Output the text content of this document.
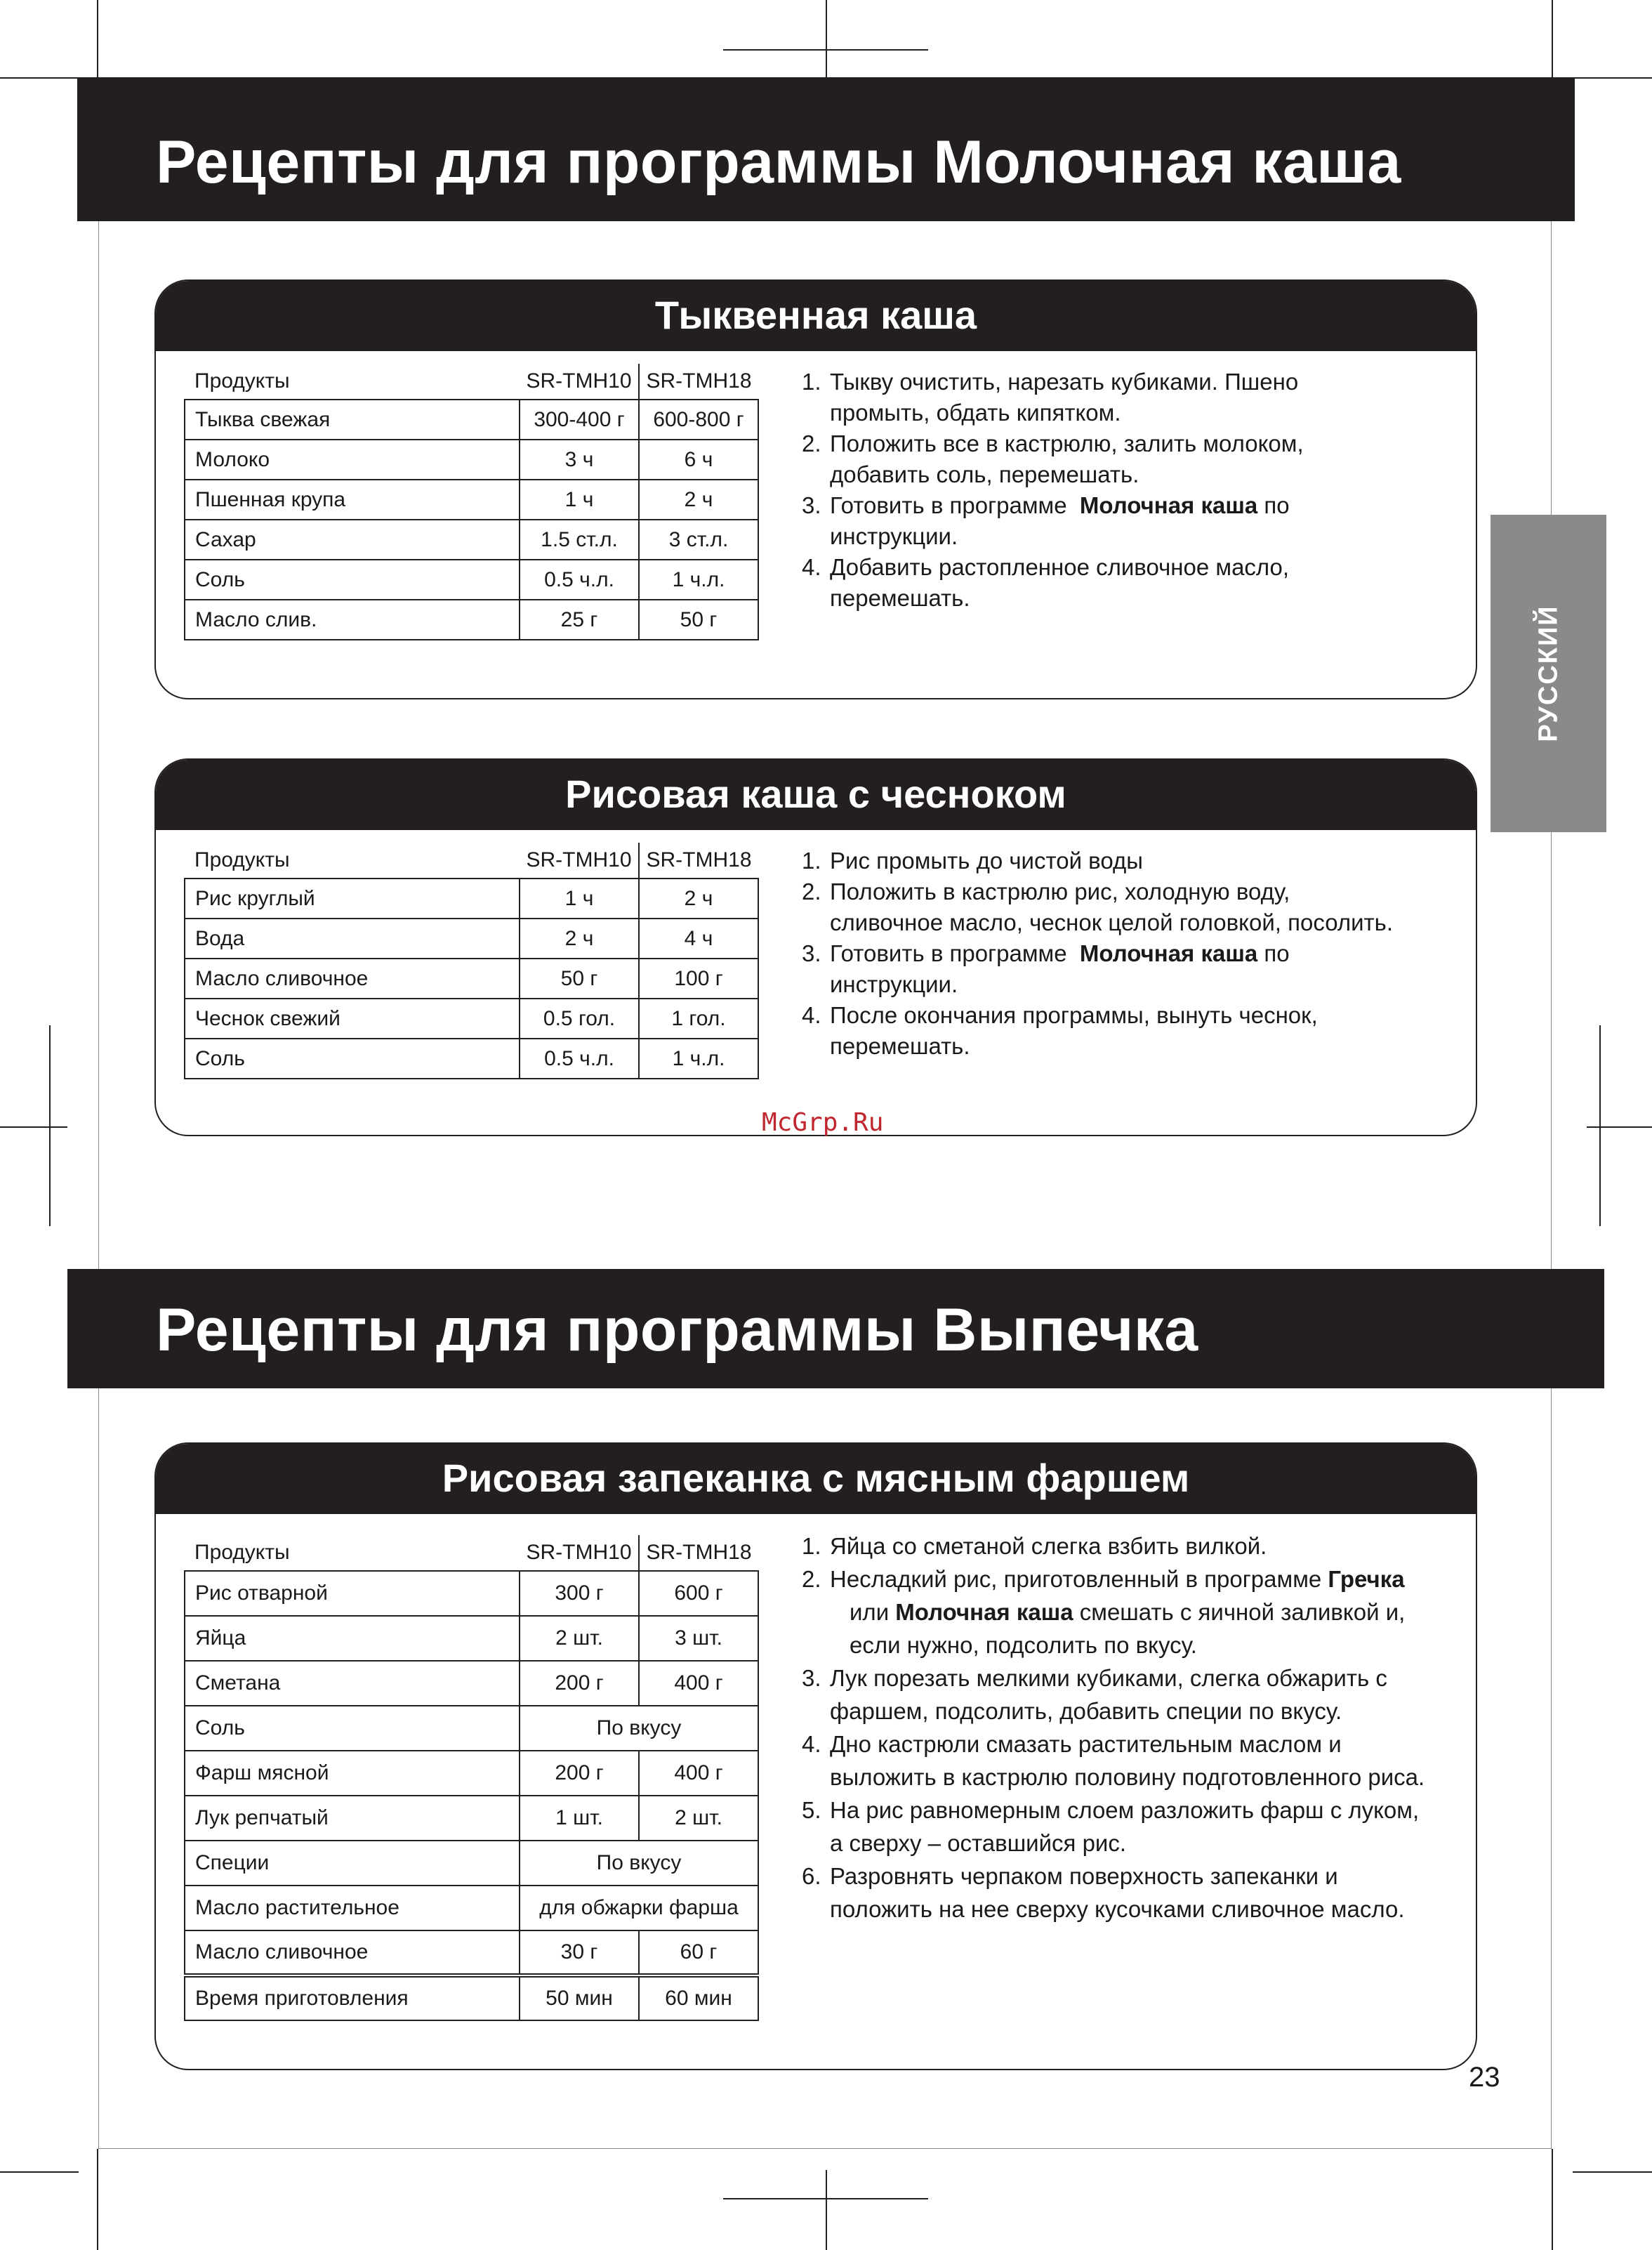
Рецепты для программы Молочная каша
Тыквенная каша
Продукты	SR-TMH10	SR-TMH18
Тыква свежая	300-400 г	600-800 г
Молоко	3 ч	6 ч
Пшенная крупа	1 ч	2 ч
Сахар	1.5 ст.л.	3 ст.л.
Соль	0.5 ч.л.	1 ч.л.
Масло слив.	25 г	50 г
1. Тыкву очистить, нарезать кубиками. Пшено
промыть, обдать кипятком.
2. Положить все в кастрюлю, залить молоком,
добавить соль, перемешать.
3. Готовить в программе  Молочная каша по
инструкции.
4. Добавить растопленное сливочное масло,
перемешать.
Рисовая каша с чесноком
Продукты	SR-TMH10	SR-TMH18
Рис круглый	1 ч	2 ч
Вода	2 ч	4 ч
Масло сливочное	50 г	100 г
Чеснок свежий	0.5 гол.	1 гол.
Соль	0.5 ч.л.	1 ч.л.
1. Рис промыть до чистой воды
2. Положить в кастрюлю рис, холодную воду,
сливочное масло, чеснок целой головкой, посолить.
3. Готовить в программе  Молочная каша по
инструкции.
4. После окончания программы, вынуть чеснок,
перемешать.
McGrp.Ru
Рецепты для программы Выпечка
Рисовая запеканка с мясным фаршем
Продукты	SR-TMH10	SR-TMH18
Рис отварной	300 г	600 г
Яйца	2 шт.	3 шт.
Сметана	200 г	400 г
Соль	По вкусу	
Фарш мясной	200 г	400 г
Лук репчатый	1 шт.	2 шт.
Специи	По вкусу	
Масло растительное	для обжарки фарша	
Масло сливочное	30 г	60 г
Время приготовления	50 мин	60 мин
1. Яйца со сметаной слегка взбить вилкой.
2. Несладкий рис, приготовленный в программе Гречка
или Молочная каша смешать с яичной заливкой и,
если нужно, подсолить по вкусу.
3. Лук порезать мелкими кубиками, слегка обжарить с
фаршем, подсолить, добавить специи по вкусу.
4. Дно кастрюли смазать растительным маслом и
выложить в кастрюлю половину подготовленного риса.
5. На рис равномерным слоем разложить фарш с луком,
а сверху – оставшийся рис.
6. Разровнять черпаком поверхность запеканки и
положить на нее сверху кусочками сливочное масло.
РУССКИЙ
23
